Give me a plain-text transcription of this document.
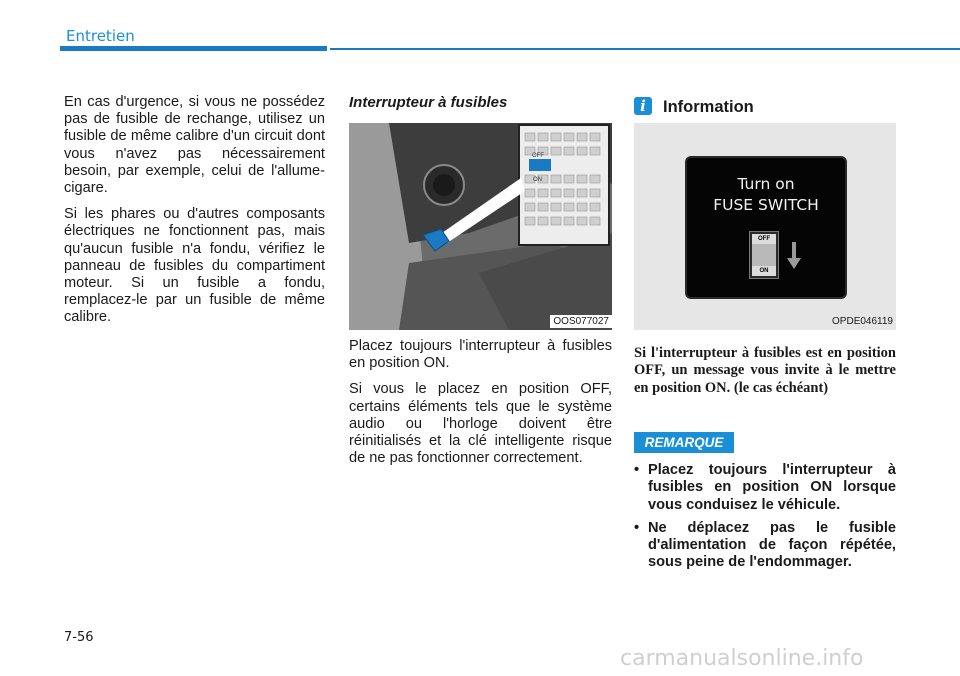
Entretien

En cas d'urgence, si vous ne possédez pas de fusible de rechange, utilisez un fusible de même calibre d'un circuit dont vous n'avez pas nécessairement besoin, par exemple, celui de l'allume-cigare.

Si les phares ou d'autres composants électriques ne fonctionnent pas, mais qu'aucun fusible n'a fondu, vérifiez le panneau de fusibles du compartiment moteur. Si un fusible a fondu, remplacez-le par un fusible de même calibre.

Interrupteur à fusibles
OFF
ON
OOS077027

Placez toujours l'interrupteur à fusibles en position ON.

Si vous le placez en position OFF, certains éléments tels que le système audio ou l'horloge doivent être réinitialisés et la clé intelligente risque de ne pas fonctionner correctement.

i	Information
Turn on
FUSE SWITCH
OFF
ON
OPDE046119
Si l'interrupteur à fusibles est en position OFF, un message vous invite à le mettre en position ON. (le cas échéant)
REMARQUE
• Placez toujours l'interrupteur à fusibles en position ON lorsque vous conduisez le véhicule.
• Ne déplacez pas le fusible d'alimentation de façon répétée, sous peine de l'endommager.
7-56
carmanualsonline.info
